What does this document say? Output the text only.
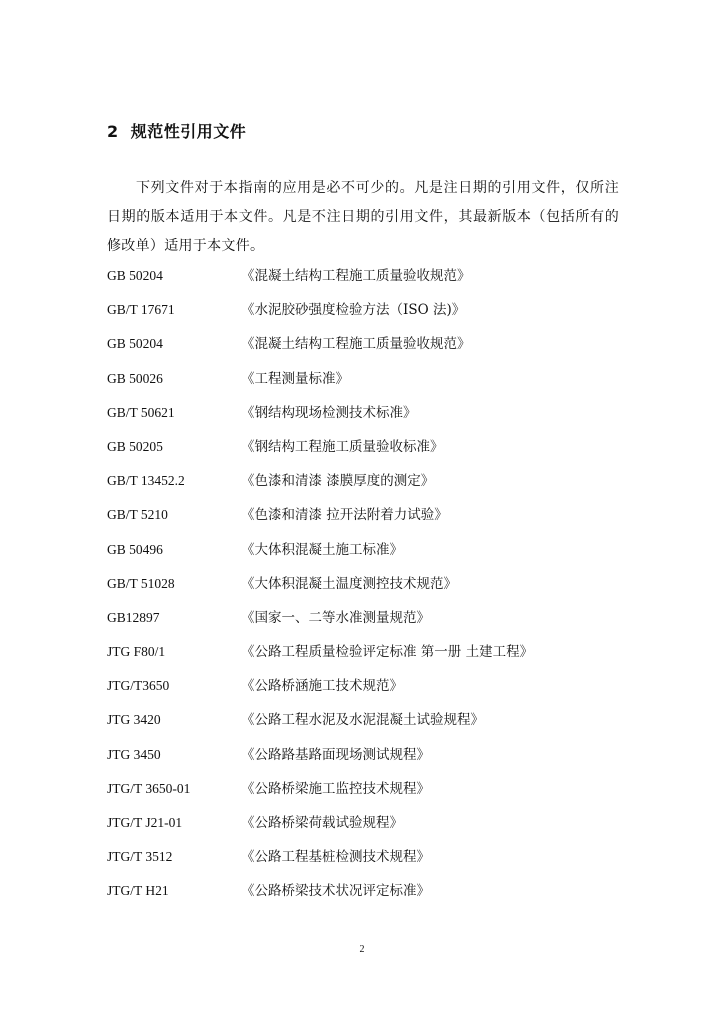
2 规范性引用文件
下列文件对于本指南的应用是必不可少的。凡是注日期的引用文件，仅所注日期的版本适用于本文件。凡是不注日期的引用文件，其最新版本（包括所有的修改单）适用于本文件。
GB 50204	《混凝土结构工程施工质量验收规范》
GB/T 17671	《水泥胶砂强度检验方法（ISO 法)》
GB 50204	《混凝土结构工程施工质量验收规范》
GB 50026	《工程测量标准》
GB/T 50621	《钢结构现场检测技术标准》
GB 50205	《钢结构工程施工质量验收标准》
GB/T 13452.2	《色漆和清漆 漆膜厚度的测定》
GB/T 5210	《色漆和清漆 拉开法附着力试验》
GB 50496	《大体积混凝土施工标准》
GB/T 51028	《大体积混凝土温度测控技术规范》
GB12897	《国家一、二等水准测量规范》
JTG F80/1	《公路工程质量检验评定标准 第一册 土建工程》
JTG/T3650	《公路桥涵施工技术规范》
JTG 3420	《公路工程水泥及水泥混凝土试验规程》
JTG 3450	《公路路基路面现场测试规程》
JTG/T 3650-01	《公路桥梁施工监控技术规程》
JTG/T J21-01	《公路桥梁荷载试验规程》
JTG/T 3512	《公路工程基桩检测技术规程》
JTG/T H21	《公路桥梁技术状况评定标准》
2
